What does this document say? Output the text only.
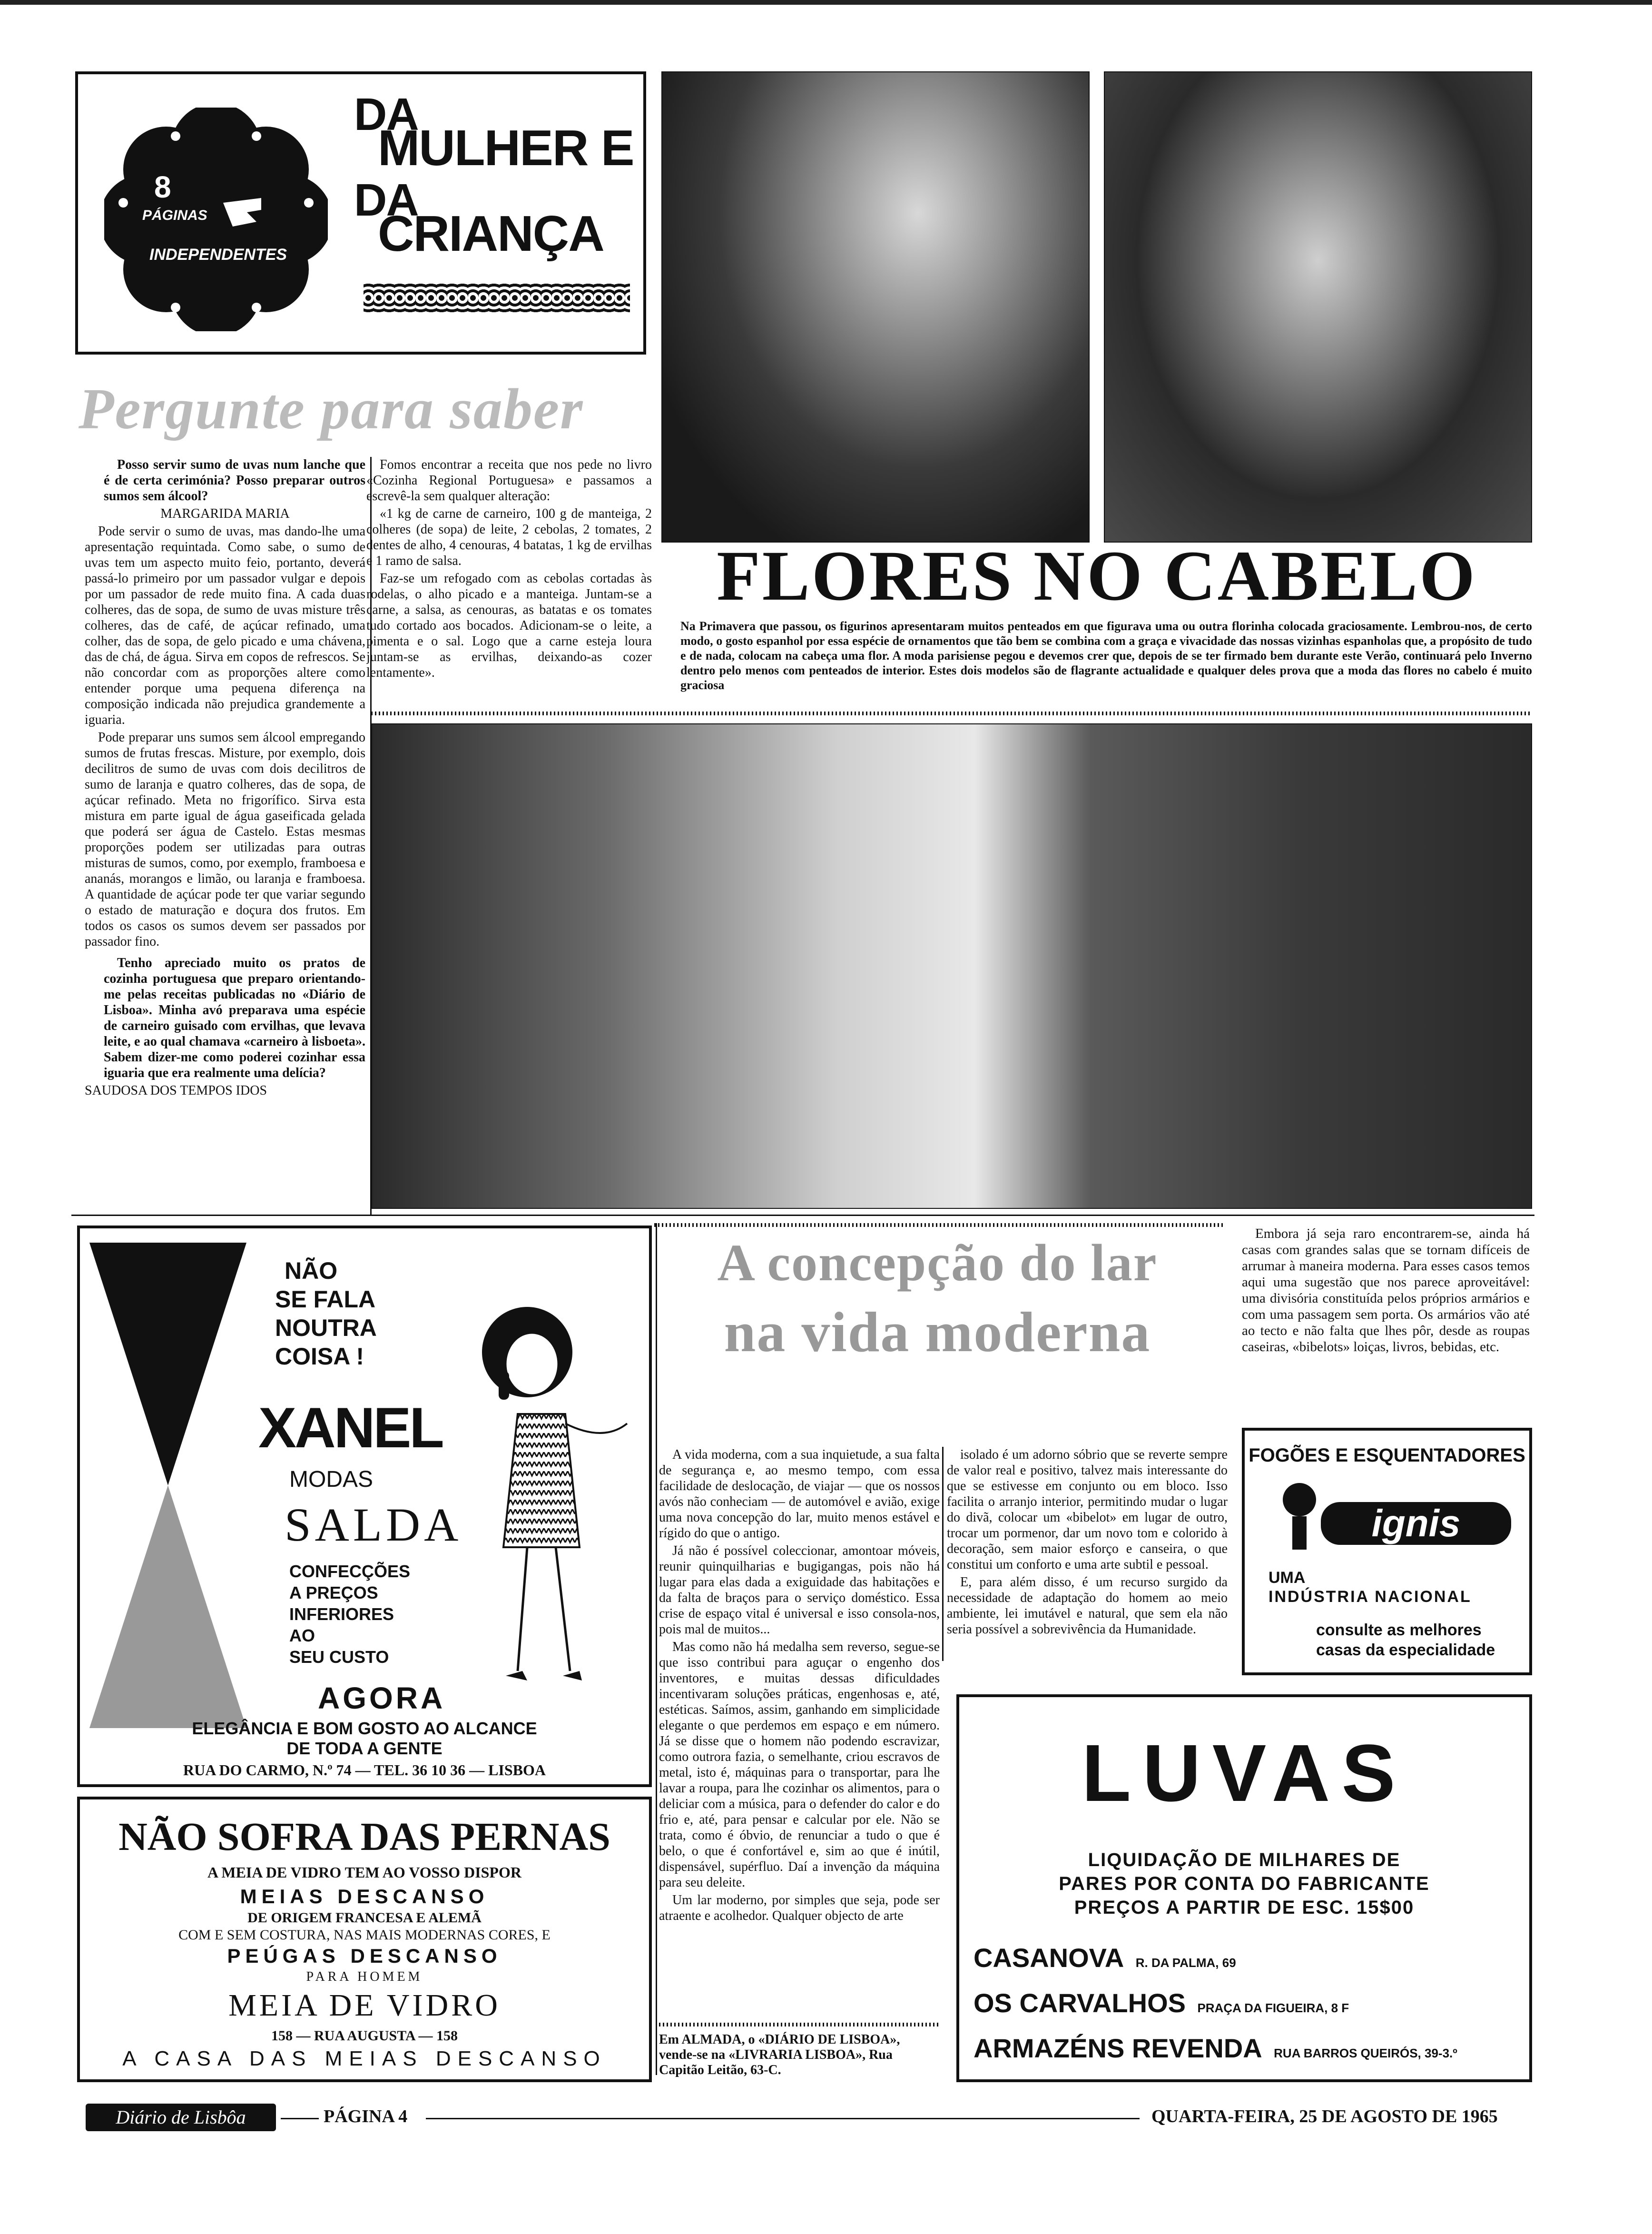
8
PÁGINAS
INDEPENDENTES
DA
MULHER E
DA
CRIANÇA
Pergunte para saber

Posso servir sumo de uvas num lanche que é de certa cerimónia? Posso preparar outros sumos sem álcool?

MARGARIDA MARIA

Pode servir o sumo de uvas, mas dando-lhe uma apresentação requintada. Como sabe, o sumo de uvas tem um aspecto muito feio, portanto, deverá passá-lo primeiro por um passador vulgar e depois por um passador de rede muito fina. A cada duas colheres, das de sopa, de sumo de uvas misture três colheres, das de café, de açúcar refinado, uma colher, das de sopa, de gelo picado e uma chávena, das de chá, de água. Sirva em copos de refrescos. Se não concordar com as proporções altere como entender porque uma pequena diferença na composição indicada não prejudica grandemente a iguaria.

Pode preparar uns sumos sem álcool empregando sumos de frutas frescas. Misture, por exemplo, dois decilitros de sumo de uvas com dois decilitros de sumo de laranja e quatro colheres, das de sopa, de açúcar refinado. Meta no frigorífico. Sirva esta mistura em parte igual de água gaseificada gelada que poderá ser água de Castelo. Estas mesmas proporções podem ser utilizadas para outras misturas de sumos, como, por exemplo, framboesa e ananás, morangos e limão, ou laranja e framboesa. A quantidade de açúcar pode ter que variar segundo o estado de maturação e doçura dos frutos. Em todos os casos os sumos devem ser passados por passador fino.

Tenho apreciado muito os pratos de cozinha portuguesa que preparo orientando-me pelas receitas publicadas no «Diário de Lisboa». Minha avó preparava uma espécie de carneiro guisado com ervilhas, que levava leite, e ao qual chamava «carneiro à lisboeta». Sabem dizer-me como poderei cozinhar essa iguaria que era realmente uma delícia?

SAUDOSA DOS TEMPOS IDOS

Fomos encontrar a receita que nos pede no livro «Cozinha Regional Portuguesa» e passamos a escrevê-la sem qualquer alteração:

«1 kg de carne de carneiro, 100 g de manteiga, 2 colheres (de sopa) de leite, 2 cebolas, 2 tomates, 2 dentes de alho, 4 cenouras, 4 batatas, 1 kg de ervilhas e 1 ramo de salsa.

Faz-se um refogado com as cebolas cortadas às rodelas, o alho picado e a manteiga. Juntam-se a carne, a salsa, as cenouras, as batatas e os tomates tudo cortado aos bocados. Adicionam-se o leite, a pimenta e o sal. Logo que a carne esteja loura juntam-se as ervilhas, deixando-as cozer lentamente».

FLORES NO CABELO
Na Primavera que passou, os figurinos apresentaram muitos penteados em que figurava uma ou outra florinha colocada graciosamente. Lembrou-nos, de certo modo, o gosto espanhol por essa espécie de ornamentos que tão bem se combina com a graça e vivacidade das nossas vizinhas espanholas que, a propósito de tudo e de nada, colocam na cabeça uma flor. A moda parisiense pegou e devemos crer que, depois de se ter firmado bem durante este Verão, continuará pelo Inverno dentro pelo menos com penteados de interior. Estes dois modelos são de flagrante actualidade e qualquer deles prova que a moda das flores no cabelo é muito graciosa
NÃO
SE FALA
NOUTRA
COISA !
XANEL
MODAS
SALDA
CONFECÇÕES
A PREÇOS
INFERIORES
AO
SEU CUSTO
AGORA
ELEGÂNCIA E BOM GOSTO AO ALCANCE
DE TODA A GENTE
RUA DO CARMO, N.º 74 — TEL. 36 10 36 — LISBOA
NÃO SOFRA DAS PERNAS
A MEIA DE VIDRO TEM AO VOSSO DISPOR
MEIAS DESCANSO
DE ORIGEM FRANCESA E ALEMÃ
COM E SEM COSTURA, NAS MAIS MODERNAS CORES, E
PEÚGAS DESCANSO
PARA HOMEM
MEIA DE VIDRO
158 — RUA AUGUSTA — 158
A CASA DAS MEIAS DESCANSO
A concepção do lar
na vida moderna

A vida moderna, com a sua inquietude, a sua falta de segurança e, ao mesmo tempo, com essa facilidade de deslocação, de viajar — que os nossos avós não conheciam — de automóvel e avião, exige uma nova concepção do lar, muito menos estável e rígido do que o antigo.

Já não é possível coleccionar, amontoar móveis, reunir quinquilharias e bugigangas, pois não há lugar para elas dada a exiguidade das habitações e da falta de braços para o serviço doméstico. Essa crise de espaço vital é universal e isso consola-nos, pois mal de muitos...

Mas como não há medalha sem reverso, segue-se que isso contribui para aguçar o engenho dos inventores, e muitas dessas dificuldades incentivaram soluções práticas, engenhosas e, até, estéticas. Saímos, assim, ganhando em simplicidade elegante o que perdemos em espaço e em número. Já se disse que o homem não podendo escravizar, como outrora fazia, o semelhante, criou escravos de metal, isto é, máquinas para o transportar, para lhe lavar a roupa, para lhe cozinhar os alimentos, para o deliciar com a música, para o defender do calor e do frio e, até, para pensar e calcular por ele. Não se trata, como é óbvio, de renunciar a tudo o que é belo, o que é confortável e, sim ao que é inútil, dispensável, supérfluo. Daí a invenção da máquina para seu deleite.

Um lar moderno, por simples que seja, pode ser atraente e acolhedor. Qualquer objecto de arte

isolado é um adorno sóbrio que se reverte sempre de valor real e positivo, talvez mais interessante do que se estivesse em conjunto ou em bloco. Isso facilita o arranjo interior, permitindo mudar o lugar do divã, colocar um «bibelot» em lugar de outro, trocar um pormenor, dar um novo tom e colorido à decoração, sem maior esforço e canseira, o que constitui um conforto e uma arte subtil e pessoal.

E, para além disso, é um recurso surgido da necessidade de adaptação do homem ao meio ambiente, lei imutável e natural, que sem ela não seria possível a sobrevivência da Humanidade.

Em ALMADA, o «DIÁRIO DE LISBOA», vende-se na «LIVRARIA LISBOA», Rua Capitão Leitão, 63-C.
Embora já seja raro encontrarem-se, ainda há casas com grandes salas que se tornam difíceis de arrumar à maneira moderna. Para esses casos temos aqui uma sugestão que nos parece aproveitável: uma divisória constituída pelos próprios armários e com uma passagem sem porta. Os armários vão até ao tecto e não falta que lhes pôr, desde as roupas caseiras, «bibelots» loiças, livros, bebidas, etc.
FOGÕES E ESQUENTADORES
ignis
UMA
INDÚSTRIA NACIONAL
consulte as melhores
casas da especialidade
LUVAS
LIQUIDAÇÃO DE MILHARES DE
PARES POR CONTA DO FABRICANTE
PREÇOS A PARTIR DE ESC. 15$00
CASANOVA R. DA PALMA, 69
OS CARVALHOS PRAÇA DA FIGUEIRA, 8 F
ARMAZÉNS REVENDA RUA BARROS QUEIRÓS, 39-3.º
Diário de Lisbôa	PÁGINA 4	QUARTA-FEIRA, 25 DE AGOSTO DE 1965
